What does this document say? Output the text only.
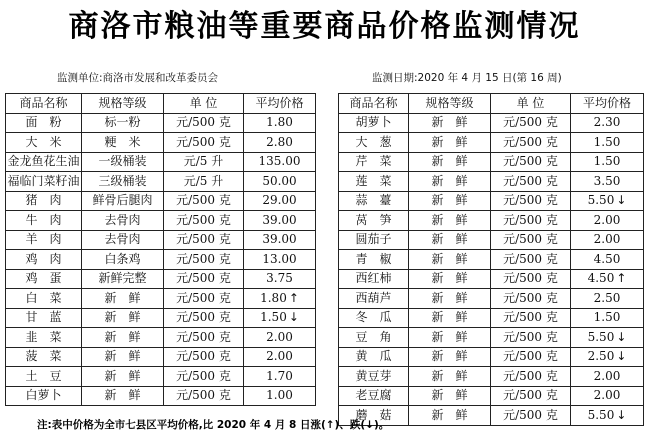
商洛市粮油等重要商品价格监测情况
监测单位:商洛市发展和改革委员会	监测日期:2020 年 4 月 15 日(第 16 周)
商品名称	规格等级	单 位	平均价格
面　粉	标一粉	元/500 克	1.80
大　米	粳　米	元/500 克	2.80
金龙鱼花生油	一级桶装	元/5 升	135.00
福临门菜籽油	三级桶装	元/5 升	50.00
猪　肉	鲜骨后腿肉	元/500 克	29.00
牛　肉	去骨肉	元/500 克	39.00
羊　肉	去骨肉	元/500 克	39.00
鸡　肉	白条鸡	元/500 克	13.00
鸡　蛋	新鲜完整	元/500 克	3.75
白　菜	新　鲜	元/500 克	1.80 ↑
甘　蓝	新　鲜	元/500 克	1.50 ↓
韭　菜	新　鲜	元/500 克	2.00
菠　菜	新　鲜	元/500 克	2.00
土　豆	新　鲜	元/500 克	1.70
白萝卜	新　鲜	元/500 克	1.00
商品名称	规格等级	单 位	平均价格
胡萝卜	新　鲜	元/500 克	2.30
大　葱	新　鲜	元/500 克	1.50
芹　菜	新　鲜	元/500 克	1.50
莲　菜	新　鲜	元/500 克	3.50
蒜　薹	新　鲜	元/500 克	5.50 ↓
莴　笋	新　鲜	元/500 克	2.00
圆茄子	新　鲜	元/500 克	2.00
青　椒	新　鲜	元/500 克	4.50
西红柿	新　鲜	元/500 克	4.50 ↑
西葫芦	新　鲜	元/500 克	2.50
冬　瓜	新　鲜	元/500 克	1.50
豆　角	新　鲜	元/500 克	5.50 ↓
黄　瓜	新　鲜	元/500 克	2.50 ↓
黄豆芽	新　鲜	元/500 克	2.00
老豆腐	新　鲜	元/500 克	2.00
蘑　菇	新　鲜	元/500 克	5.50 ↓
注:表中价格为全市七县区平均价格,比 2020 年 4 月 8 日涨(↑)、跌(↓)。
